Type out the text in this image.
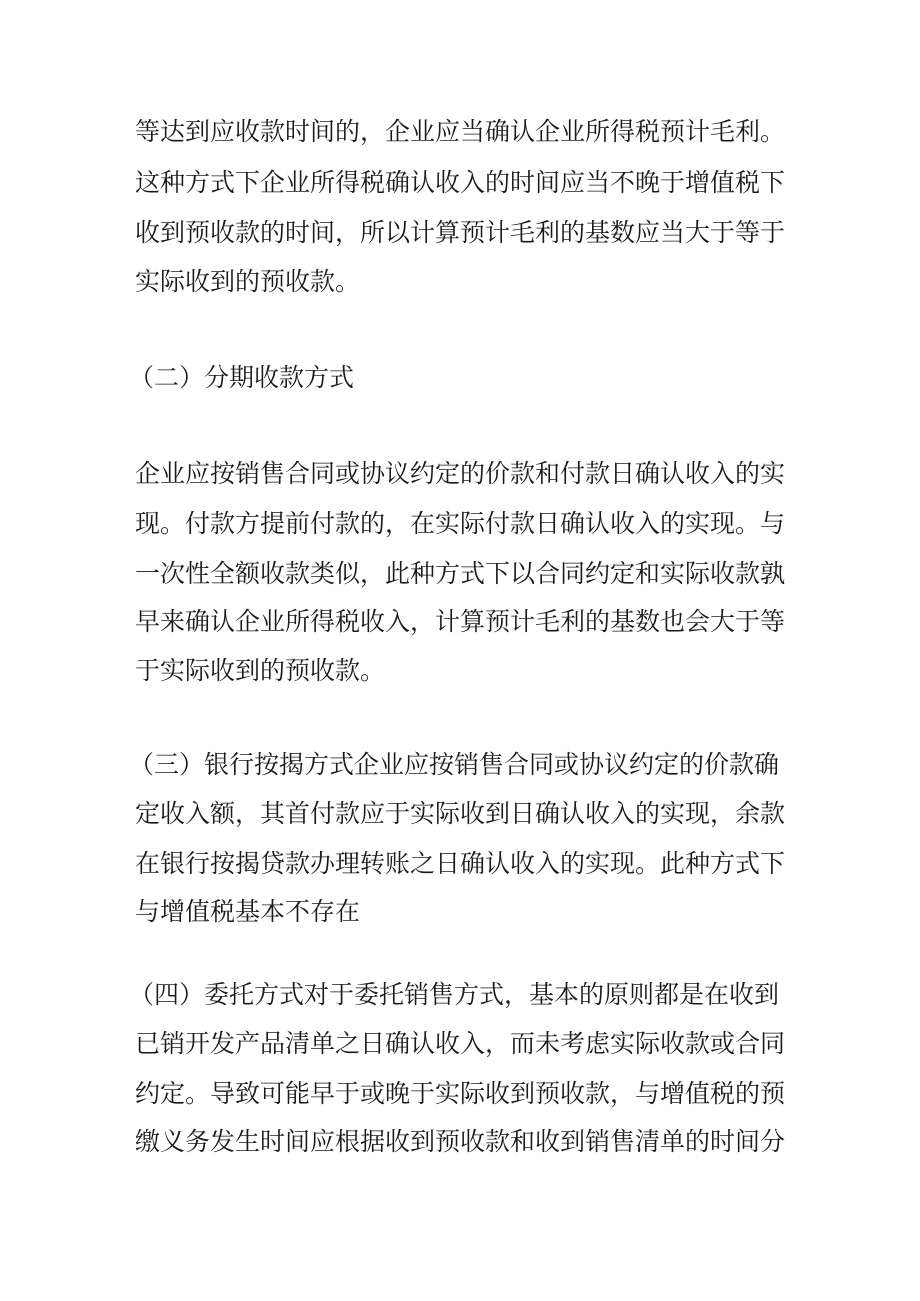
等达到应收款时间的，企业应当确认企业所得税预计毛利。
这种方式下企业所得税确认收入的时间应当不晚于增值税下
收到预收款的时间，所以计算预计毛利的基数应当大于等于
实际收到的预收款。
（二）分期收款方式
企业应按销售合同或协议约定的价款和付款日确认收入的实
现。付款方提前付款的，在实际付款日确认收入的实现。与
一次性全额收款类似，此种方式下以合同约定和实际收款孰
早来确认企业所得税收入，计算预计毛利的基数也会大于等
于实际收到的预收款。
（三）银行按揭方式企业应按销售合同或协议约定的价款确
定收入额，其首付款应于实际收到日确认收入的实现，余款
在银行按揭贷款办理转账之日确认收入的实现。此种方式下
与增值税基本不存在
（四）委托方式对于委托销售方式，基本的原则都是在收到
已销开发产品清单之日确认收入，而未考虑实际收款或合同
约定。导致可能早于或晚于实际收到预收款，与增值税的预
缴义务发生时间应根据收到预收款和收到销售清单的时间分
